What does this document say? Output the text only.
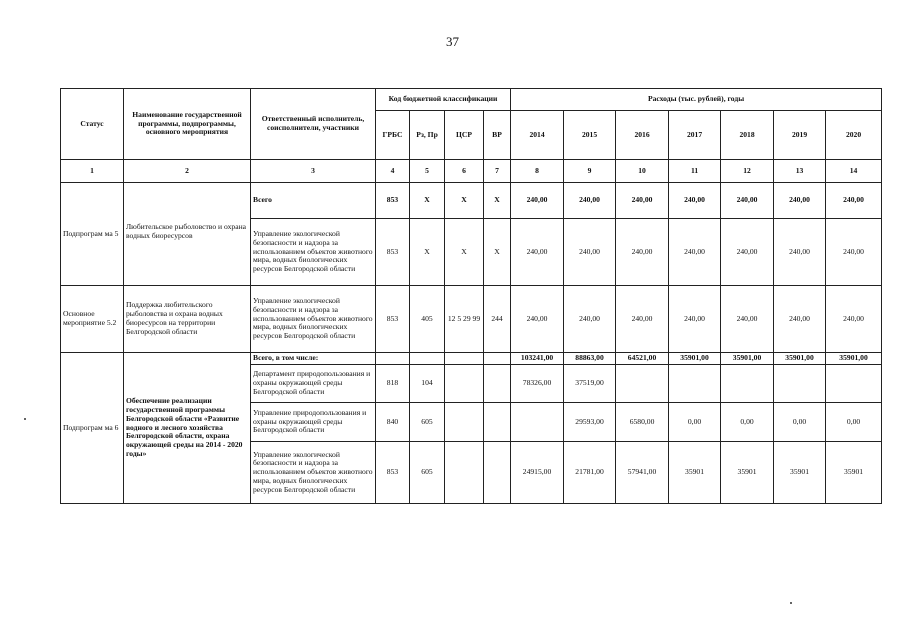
37
Статус	Наименование государственной программы, подпрограммы, основного мероприятия	Ответственный исполнитель, соисполнители, участники	Код бюджетной классификации				Расходы (тыс. рублей), годы						
			ГРБС	Рз, Пр	ЦСР	ВР	2014	2015	2016	2017	2018	2019	2020
1	2	3	4	5	6	7	8	9	10	11	12	13	14
Подпрограм ма 5	Любительское рыболовство и охрана водных биоресурсов	Всего	853	Х	Х	Х	240,00	240,00	240,00	240,00	240,00	240,00	240,00
		Управление экологической безопасности и надзора за использованием объектов животного мира, водных биологических ресурсов Белгородской области	853	Х	Х	Х	240,00	240,00	240,00	240,00	240,00	240,00	240,00
Основное мероприятие 5.2	Поддержка любительского рыболовства и охрана водных биоресурсов на территории Белгородской области	Управление экологической безопасности и надзора за использованием объектов животного мира, водных биологических ресурсов Белгородской области	853	405	12 5 29 99	244	240,00	240,00	240,00	240,00	240,00	240,00	240,00
Подпрограм ма 6	Обеспечение реализации государственной программы Белгородской области «Развитие водного и лесного хозяйства Белгородской области, охрана окружающей среды на 2014 - 2020 годы»	Всего, в том числе:					103241,00	88863,00	64521,00	35901,00	35901,00	35901,00	35901,00
		Департамент природопользования и охраны окружающей среды Белгородской области	818	104			78326,00	37519,00					
		Управление природопользования и охраны окружающей среды Белгородской области	840	605				29593,00	6580,00	0,00	0,00	0,00	0,00
		Управление экологической безопасности и надзора за использованием объектов животного мира, водных биологических ресурсов Белгородской области	853	605			24915,00	21781,00	57941,00	35901	35901	35901	35901
